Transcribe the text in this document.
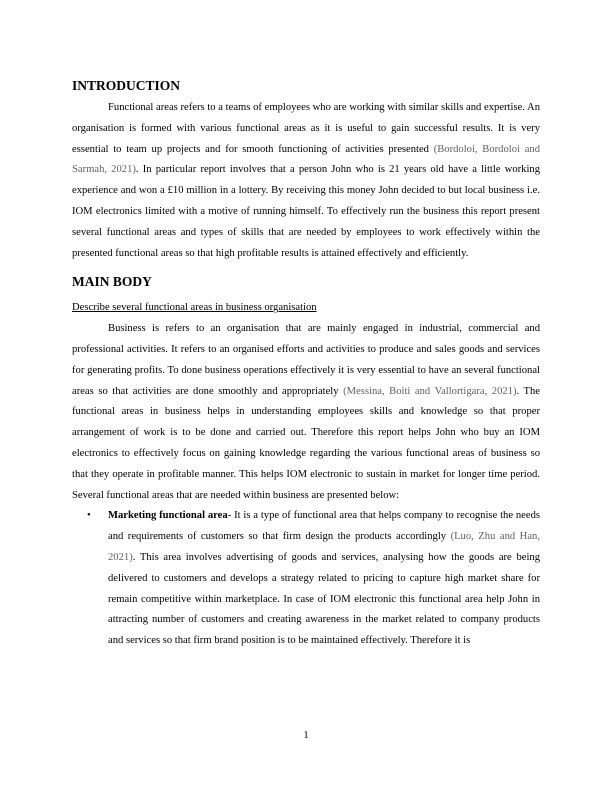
INTRODUCTION

Functional areas refers to a teams of employees who are working with similar skills and expertise. An organisation is formed with various functional areas as it is useful to gain successful results. It is very essential to team up projects and for smooth functioning of activities presented (Bordoloi, Bordoloi and Sarmah, 2021). In particular report involves that a person John who is 21 years old have a little working experience and won a £10 million in a lottery. By receiving this money John decided to but local business i.e. IOM electronics limited with a motive of running himself. To effectively run the business this report present several functional areas and types of skills that are needed by employees to work effectively within the presented functional areas so that high profitable results is attained effectively and efficiently.

MAIN BODY
Describe several functional areas in business organisation

Business is refers to an organisation that are mainly engaged in industrial, commercial and professional activities. It refers to an organised efforts and activities to produce and sales goods and services for generating profits. To done business operations effectively it is very essential to have an several functional areas so that activities are done smoothly and appropriately (Messina, Boiti and Vallortigara, 2021). The functional areas in business helps in understanding employees skills and knowledge so that proper arrangement of work is to be done and carried out. Therefore this report helps John who buy an IOM electronics to effectively focus on gaining knowledge regarding the various functional areas of business so that they operate in profitable manner. This helps IOM electronic to sustain in market for longer time period. Several functional areas that are needed within business are presented below:

• Marketing functional area- It is a type of functional area that helps company to recognise the needs and requirements of customers so that firm design the products accordingly (Luo, Zhu and Han, 2021). This area involves advertising of goods and services, analysing how the goods are being delivered to customers and develops a strategy related to pricing to capture high market share for remain competitive within marketplace. In case of IOM electronic this functional area help John in attracting number of customers and creating awareness in the market related to company products and services so that firm brand position is to be maintained effectively. Therefore it is
1
